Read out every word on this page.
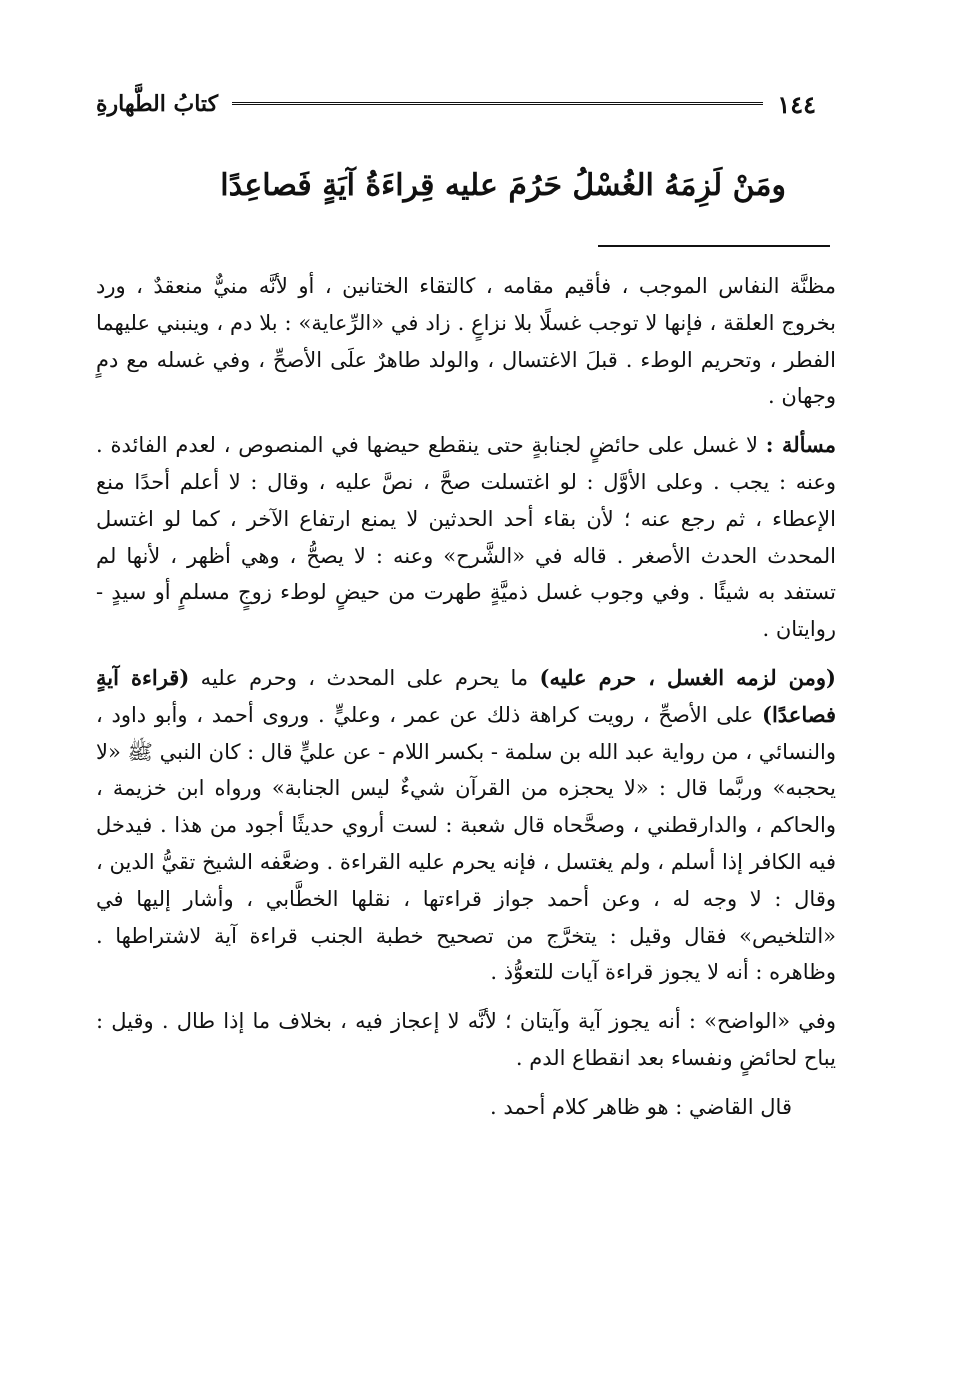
١٤٤
كتابُ الطَّهارةِ
ومَنْ لَزِمَهُ الغُسْلُ حَرُمَ عليه قِراءَةُ آيَةٍ فَصاعِدًا

مظنَّة النفاس الموجب ، فأقيم مقامه ، كالتقاء الختانين ، أو لأنَّه منيٌّ منعقدٌ ، ورد بخروج العلقة ، فإنها لا توجب غسلًا بلا نزاعٍ . زاد في «الرِّعاية» : بلا دم ، وينبني عليهما الفطر ، وتحريم الوطء . قبلَ الاغتسال ، والولد طاهرٌ علَى الأصحِّ ، وفي غسله مع دمٍ وجهان .

مسألة : لا غسل على حائضٍ لجنابةٍ حتى ينقطع حيضها في المنصوص ، لعدم الفائدة . وعنه : يجب . وعلى الأوَّل : لو اغتسلت صحَّ ، نصَّ عليه ، وقال : لا أعلم أحدًا منع الإعطاء ، ثم رجع عنه ؛ لأن بقاء أحد الحدثين لا يمنع ارتفاع الآخر ، كما لو اغتسل المحدث الحدث الأصغر . قاله في «الشَّرح» وعنه : لا يصحُّ ، وهي أظهر ، لأنها لم تستفد به شيئًا . وفي وجوب غسل ذميَّةٍ طهرت من حيضٍ لوطء زوجٍ مسلمٍ أو سيدٍ - روايتان .

(ومن لزمه الغسل ، حرم عليه) ما يحرم على المحدث ، وحرم عليه (قراءة آيةٍ فصاعدًا) على الأصحِّ ، رويت كراهة ذلك عن عمر ، وعليٍّ . وروى أحمد ، وأبو داود ، والنسائي ، من رواية عبد الله بن سلمة - بكسر اللام - عن عليٍّ قال : كان النبي ﷺ «لا يحجبه» وربَّما قال : «لا يحجزه من القرآن شيءٌ ليس الجنابة» ورواه ابن خزيمة ، والحاكم ، والدارقطني ، وصحَّحاه قال شعبة : لست أروي حديثًا أجود من هذا . فيدخل فيه الكافر إذا أسلم ، ولم يغتسل ، فإنه يحرم عليه القراءة . وضعَّفه الشيخ تقيُّ الدين ، وقال : لا وجه له ، وعن أحمد جواز قراءتها ، نقلها الخطَّابي ، وأشار إليها في «التلخيص» فقال وقيل : يتخرَّج من تصحيح خطبة الجنب قراءة آية لاشتراطها . وظاهره : أنه لا يجوز قراءة آيات للتعوُّذ .

وفي «الواضح» : أنه يجوز آية وآيتان ؛ لأنَّه لا إعجاز فيه ، بخلاف ما إذا طال . وقيل : يباح لحائضٍ ونفساء بعد انقطاع الدم .

قال القاضي : هو ظاهر كلام أحمد .
